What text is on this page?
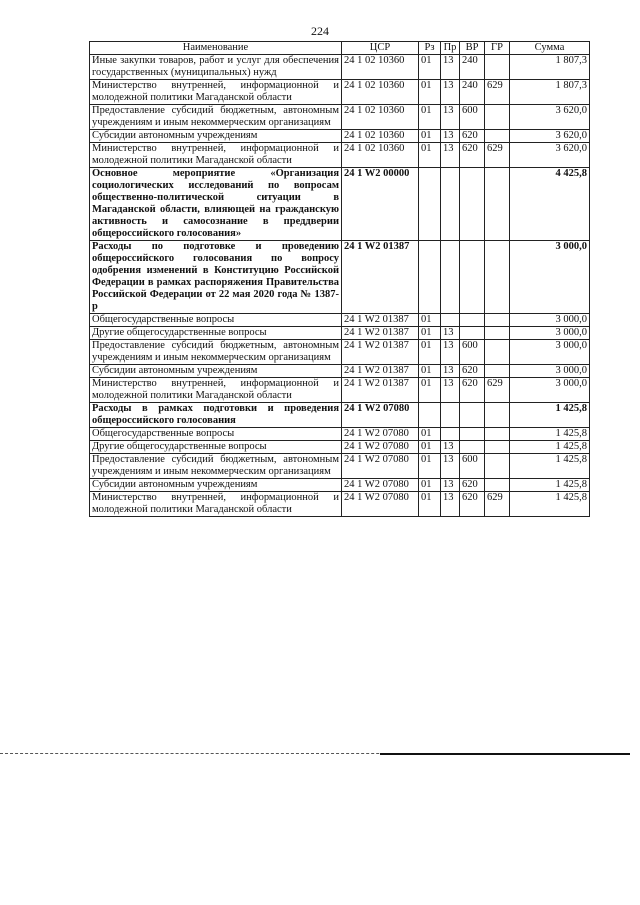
224
Наименование	ЦСР	Рз	Пр	ВР	ГР	Сумма
Иные закупки товаров, работ и услуг для обеспечения государственных (муниципальных) нужд	24 1 02 10360	01	13	240		1 807,3
Министерство внутренней, информационной и молодежной политики Магаданской области	24 1 02 10360	01	13	240	629	1 807,3
Предоставление субсидий бюджетным, автономным учреждениям и иным некоммерческим организациям	24 1 02 10360	01	13	600		3 620,0
Субсидии автономным учреждениям	24 1 02 10360	01	13	620		3 620,0
Министерство внутренней, информационной и молодежной политики Магаданской области	24 1 02 10360	01	13	620	629	3 620,0
Основное мероприятие «Организация социологических исследований по вопросам общественно-политической ситуации в Магаданской области, влияющей на гражданскую активность и самосознание в преддверии общероссийского голосования»	24 1 W2 00000					4 425,8
Расходы по подготовке и проведению общероссийского голосования по вопросу одобрения изменений в Конституцию Российской Федерации в рамках распоряжения Правительства Российской Федерации от 22 мая 2020 года № 1387-р	24 1 W2 01387					3 000,0
Общегосударственные вопросы	24 1 W2 01387	01				3 000,0
Другие общегосударственные вопросы	24 1 W2 01387	01	13			3 000,0
Предоставление субсидий бюджетным, автономным учреждениям и иным некоммерческим организациям	24 1 W2 01387	01	13	600		3 000,0
Субсидии автономным учреждениям	24 1 W2 01387	01	13	620		3 000,0
Министерство внутренней, информационной и молодежной политики Магаданской области	24 1 W2 01387	01	13	620	629	3 000,0
Расходы в рамках подготовки и проведения общероссийского голосования	24 1 W2 07080					1 425,8
Общегосударственные вопросы	24 1 W2 07080	01				1 425,8
Другие общегосударственные вопросы	24 1 W2 07080	01	13			1 425,8
Предоставление субсидий бюджетным, автономным учреждениям и иным некоммерческим организациям	24 1 W2 07080	01	13	600		1 425,8
Субсидии автономным учреждениям	24 1 W2 07080	01	13	620		1 425,8
Министерство внутренней, информационной и молодежной политики Магаданской области	24 1 W2 07080	01	13	620	629	1 425,8
